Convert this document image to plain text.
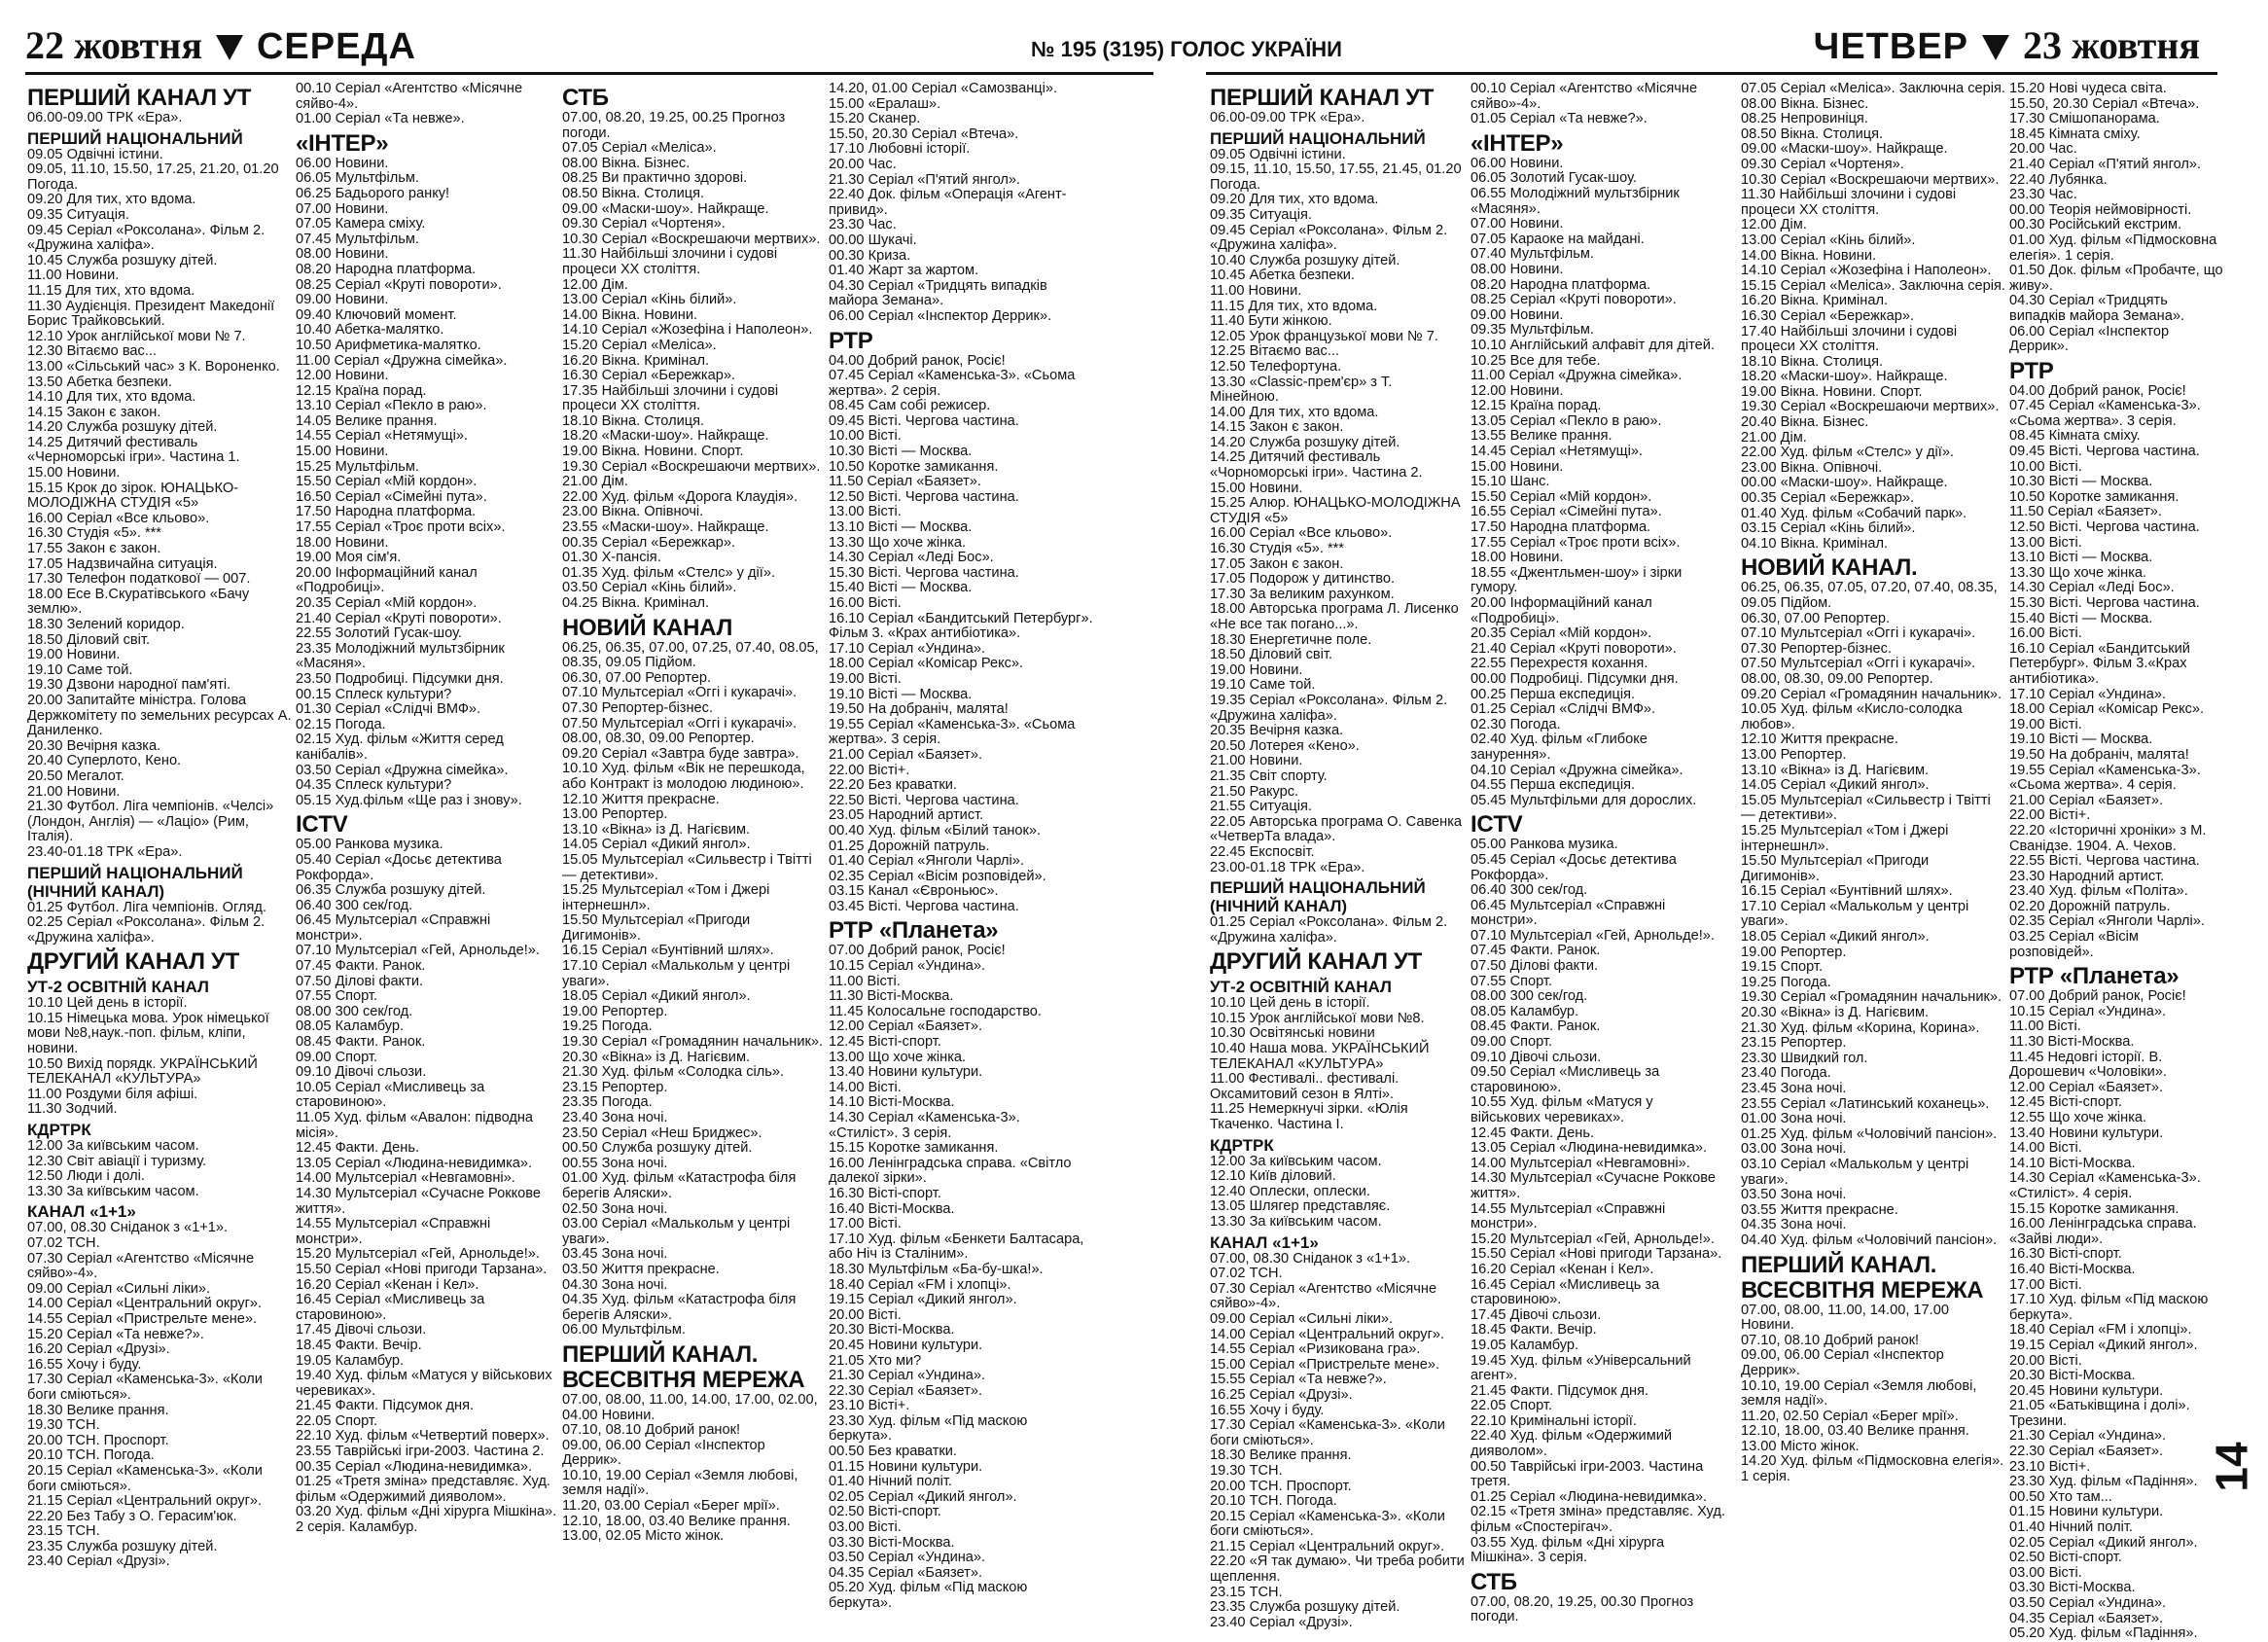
22 жовтня СЕРЕДА	№ 195 (3195) ГОЛОС УКРАЇНИ	ЧЕТВЕР 23 жовтня
ПЕРШИЙ КАНАЛ УТ
06.00-09.00 ТРК «Ера».
ПЕРШИЙ НАЦІОНАЛЬНИЙ
09.05 Одвічні істини.
09.05, 11.10, 15.50, 17.25, 21.20, 01.20 Погода.
09.20 Для тих, хто вдома.
09.35 Ситуація.
09.45 Серіал «Роксолана». Фільм 2. «Дружина халіфа».
10.45 Служба розшуку дітей.
11.00 Новини.
11.15 Для тих, хто вдома.
11.30 Аудієнція. Президент Македонії Борис Трайковський.
12.10 Урок англійської мови № 7.
12.30 Вітаємо вас...
13.00 «Сільський час» з К. Вороненко.
13.50 Абетка безпеки.
14.10 Для тих, хто вдома.
14.15 Закон є закон.
14.20 Служба розшуку дітей.
14.25 Дитячий фестиваль «Черноморські ігри». Частина 1.
15.00 Новини.
15.15 Крок до зірок. ЮНАЦЬКО-МОЛОДІЖНА СТУДІЯ «5»
16.00 Серіал «Все кльово».
16.30 Студія «5». ***
17.55 Закон є закон.
17.05 Надзвичайна ситуація.
17.30 Телефон податкової — 007.
18.00 Есе В.Скуратівського «Бачу землю».
18.30 Зелений коридор.
18.50 Діловий світ.
19.00 Новини.
19.10 Саме той.
19.30 Дзвони народної пам'яті.
20.00 Запитайте міністра. Голова Держкомітету по земельних ресурсах А. Даниленко.
20.30 Вечірня казка.
20.40 Суперлото, Кено.
20.50 Мегалот.
21.00 Новини.
21.30 Футбол. Ліга чемпіонів. «Челсі» (Лондон, Англія) — «Лаціо» (Рим, Італія).
23.40-01.18 ТРК «Ера».
ПЕРШИЙ НАЦІОНАЛЬНИЙ (НІЧНИЙ КАНАЛ)
01.25 Футбол. Ліга чемпіонів. Огляд.
02.25 Серіал «Роксолана». Фільм 2. «Дружина халіфа».
ДРУГИЙ КАНАЛ УТ
УТ-2 ОСВІТНІЙ КАНАЛ
10.10 Цей день в історії.
10.15 Німецька мова. Урок німецької мови №8,наук.-поп. фільм, кліпи, новини.
10.50 Вихід порядк. УКРАЇНСЬКИЙ ТЕЛЕКАНАЛ «КУЛЬТУРА»
11.00 Роздуми біля афіші.
11.30 Зодчий.
КДРТРК
12.00 За київським часом.
12.30 Світ авіації і туризму.
12.50 Люди і долі.
13.30 За київським часом.
КАНАЛ «1+1»
07.00, 08.30 Сніданок з «1+1».
07.02 ТСН.
07.30 Серіал «Агентство «Місячне сяйво»-4».
09.00 Серіал «Сильні ліки».
14.00 Серіал «Центральний округ».
14.55 Серіал «Пристрельте мене».
15.20 Серіал «Та невже?».
16.20 Серіал «Друзі».
16.55 Хочу і буду.
17.30 Серіал «Каменськa-3». «Коли боги сміються».
18.30 Велике прання.
19.30 ТСН.
20.00 ТСН. Проспорт.
20.10 ТСН. Погода.
20.15 Серіал «Каменськa-3». «Коли боги сміються».
21.15 Серіал «Центральний округ».
22.20 Без Табу з О. Герасим'юк.
23.15 ТСН.
23.35 Служба розшуку дітей.
23.40 Серіал «Друзі».
00.10 Серіал «Агентство «Місячне сяйво-4».
01.00 Серіал «Та невже».
«ІНТЕР»
06.00 Новини.
06.05 Мультфільм.
06.25 Бадьорого ранку!
07.00 Новини.
07.05 Камера сміху.
07.45 Мультфільм.
08.00 Новини.
08.20 Народна платформа.
08.25 Серіал «Круті повороти».
09.00 Новини.
09.40 Ключовий момент.
10.40 Абетка-малятко.
10.50 Арифметика-малятко.
11.00 Серіал «Дружна сімейка».
12.00 Новини.
12.15 Країна порад.
13.10 Серіал «Пекло в раю».
14.05 Велике прання.
14.55 Серіал «Нетямущі».
15.00 Новини.
15.25 Мультфільм.
15.50 Серіал «Мій кордон».
16.50 Серіал «Сімейні пута».
17.50 Народна платформа.
17.55 Серіал «Троє проти всіх».
18.00 Новини.
19.00 Моя сім'я.
20.00 Інформаційний канал «Подробиці».
20.35 Серіал «Мій кордон».
21.40 Серіал «Круті повороти».
22.55 Золотий Гусак-шоу.
23.35 Молодіжний мультзбірник «Масяня».
23.50 Подробиці. Підсумки дня.
00.15 Сплеск культури?
01.30 Серіал «Слідчі ВМФ».
02.15 Погода.
02.15 Худ. фільм «Життя серед канібалів».
03.50 Серіал «Дружна сімейка».
04.35 Сплеск культури?
05.15 Худ.фільм «Ще раз і знову».
ICTV
05.00 Ранкова музика.
05.40 Серіал «Досьє детектива Рокфорда».
06.35 Служба розшуку дітей.
06.40 300 сек/год.
06.45 Мультсеріал «Справжні монстри».
07.10 Мультсеріал «Гей, Арнольде!».
07.45 Факти. Ранок.
07.50 Ділові факти.
07.55 Спорт.
08.00 300 сек/год.
08.05 Каламбур.
08.45 Факти. Ранок.
09.00 Спорт.
09.10 Дівочі сльози.
10.05 Серіал «Мисливець за старовиною».
11.05 Худ. фільм «Авалон: підводна місія».
12.45 Факти. День.
13.05 Серіал «Людина-невидимка».
14.00 Мультсеріал «Невгамовні».
14.30 Мультсеріал «Сучасне Роккове життя».
14.55 Мультсеріал «Справжні монстри».
15.20 Мультсеріал «Гей, Арнольде!».
15.50 Серіал «Нові пригоди Тарзана».
16.20 Серіал «Кенан і Кел».
16.45 Серіал «Мисливець за старовиною».
17.45 Дівочі сльози.
18.45 Факти. Вечір.
19.05 Каламбур.
19.40 Худ. фільм «Матуся у військових черевиках».
21.45 Факти. Підсумок дня.
22.05 Спорт.
22.10 Худ. фільм «Четвертий поверх».
23.55 Таврійські ігри-2003. Частина 2.
00.35 Серіал «Людина-невидимка».
01.25 «Третя зміна» представляє. Худ. фільм «Одержимий дияволом».
03.20 Худ. фільм «Дні хірурга Мішкіна». 2 серія. Каламбур.
СТБ
07.00, 08.20, 19.25, 00.25 Прогноз погоди.
07.05 Серіал «Меліса».
08.00 Вікна. Бізнес.
08.25 Ви практично здорові.
08.50 Вікна. Столиця.
09.00 «Маски-шоу». Найкраще.
09.30 Серіал «Чортеня».
10.30 Серіал «Воскрешаючи мертвих».
11.30 Найбільші злочини і судові процеси ХХ століття.
12.00 Дім.
13.00 Серіал «Кінь білий».
14.00 Вікна. Новини.
14.10 Серіал «Жозефіна і Наполеон».
15.20 Серіал «Меліса».
16.20 Вікна. Кримінал.
16.30 Серіал «Бережкар».
17.35 Найбільші злочини і судові процеси ХХ століття.
18.10 Вікна. Столиця.
18.20 «Маски-шоу». Найкраще.
19.00 Вікна. Новини. Спорт.
19.30 Серіал «Воскрешаючи мертвих».
21.00 Дім.
22.00 Худ. фільм «Дорога Клаудія».
23.00 Вікна. Опівночі.
23.55 «Маски-шоу». Найкраще.
00.35 Серіал «Бережкар».
01.30 Х-пансія.
01.35 Худ. фільм «Стелс» у дії».
03.50 Серіал «Кінь білий».
04.25 Вікна. Кримінал.
НОВИЙ КАНАЛ
06.25, 06.35, 07.00, 07.25, 07.40, 08.05, 08.35, 09.05 Підйом.
06.30, 07.00 Репортер.
07.10 Мультсеріал «Оггі і кукарачі».
07.30 Репортер-бізнес.
07.50 Мультсеріал «Оггі і кукарачі».
08.00, 08.30, 09.00 Репортер.
09.20 Серіал «Завтра буде завтра».
10.10 Худ. фільм «Вік не перешкода, або Контракт із молодою людиною».
12.10 Життя прекрасне.
13.00 Репортер.
13.10 «Вікна» із Д. Нагієвим.
14.05 Серіал «Дикий янгол».
15.05 Мультсеріал «Сильвестр і Твітті — детективи».
15.25 Мультсеріал «Том і Джері інтернешнл».
15.50 Мультсеріал «Пригоди Дигимонів».
16.15 Серіал «Бунтівний шлях».
17.10 Серіал «Малькольм у центрі уваги».
18.05 Серіал «Дикий янгол».
19.00 Репортер.
19.25 Погода.
19.30 Серіал «Громадянин начальник».
20.30 «Вікна» із Д. Нагієвим.
21.30 Худ. фільм «Солодка сіль».
23.15 Репортер.
23.35 Погода.
23.40 Зона ночі.
23.50 Серіал «Неш Бриджес».
00.50 Служба розшуку дітей.
00.55 Зона ночі.
01.00 Худ. фільм «Катастрофа біля берегів Аляски».
02.50 Зона ночі.
03.00 Серіал «Малькольм у центрі уваги».
03.45 Зона ночі.
03.50 Життя прекрасне.
04.30 Зона ночі.
04.35 Худ. фільм «Катастрофа біля берегів Аляски».
06.00 Мультфільм.
ПЕРШИЙ КАНАЛ. ВСЕСВІТНЯ МЕРЕЖА
07.00, 08.00, 11.00, 14.00, 17.00, 02.00, 04.00 Новини.
07.10, 08.10 Добрий ранок!
09.00, 06.00 Серіал «Інспектор Деррик».
10.10, 19.00 Серіал «Земля любові, земля надії».
11.20, 03.00 Серіал «Берег мрії».
12.10, 18.00, 03.40 Велике прання.
13.00, 02.05 Місто жінок.
14.20, 01.00 Серіал «Самозванці».
15.00 «Ералаш».
15.20 Сканер.
15.50, 20.30 Серіал «Втеча».
17.10 Любовні історії.
20.00 Час.
21.30 Серіал «П'ятий янгол».
22.40 Док. фільм «Операція «Агент-привид».
23.30 Час.
00.00 Шукачі.
00.30 Криза.
01.40 Жарт за жартом.
04.30 Серіал «Тридцять випадків майора Земана».
06.00 Серіал «Інспектор Деррик».
РТР
04.00 Добрий ранок, Росіє!
07.45 Серіал «Каменськa-3». «Сьома жертва». 2 серія.
08.45 Сам собі режисер.
09.45 Вісті. Чергова частина.
10.00 Вісті.
10.30 Вісті — Москва.
10.50 Коротке замикання.
11.50 Серіал «Баязет».
12.50 Вісті. Чергова частина.
13.00 Вісті.
13.10 Вісті — Москва.
13.30 Що хоче жінка.
14.30 Серіал «Леді Бос».
15.30 Вісті. Чергова частина.
15.40 Вісті — Москва.
16.00 Вісті.
16.10 Серіал «Бандитський Петербург». Фільм 3. «Крах антибіотика».
17.10 Серіал «Ундина».
18.00 Серіал «Комісар Рекс».
19.00 Вісті.
19.10 Вісті — Москва.
19.50 На добраніч, малята!
19.55 Серіал «Каменськa-3». «Сьома жертва». 3 серія.
21.00 Серіал «Баязет».
22.00 Вісті+.
22.20 Без краватки.
22.50 Вісті. Чергова частина.
23.05 Народний артист.
00.40 Худ. фільм «Білий танок».
01.25 Дорожній патруль.
01.40 Серіал «Янголи Чарлі».
02.35 Серіал «Вісім розповідей».
03.15 Канал «Євроньюс».
03.45 Вісті. Чергова частина.
РТР «Планета»
07.00 Добрий ранок, Росіє!
10.15 Серіал «Ундина».
11.00 Вісті.
11.30 Вісті-Москва.
11.45 Колосальне господарство.
12.00 Серіал «Баязет».
12.45 Вісті-спорт.
13.00 Що хоче жінка.
13.40 Новини культури.
14.00 Вісті.
14.10 Вісті-Москва.
14.30 Серіал «Каменськa-3». «Стиліст». 3 серія.
15.15 Коротке замикання.
16.00 Ленінградська справа. «Світло далекої зірки».
16.30 Вісті-спорт.
16.40 Вісті-Москва.
17.00 Вісті.
17.10 Худ. фільм «Бенкети Балтасара, або Ніч із Сталіним».
18.30 Мультфільм «Ба-бу-шка!».
18.40 Серіал «FM і хлопці».
19.15 Серіал «Дикий янгол».
20.00 Вісті.
20.30 Вісті-Москва.
20.45 Новини культури.
21.05 Хто ми?
21.30 Серіал «Ундина».
22.30 Серіал «Баязет».
23.10 Вісті+.
23.30 Худ. фільм «Під маскою беркута».
00.50 Без краватки.
01.15 Новини культури.
01.40 Нічний політ.
02.05 Серіал «Дикий янгол».
02.50 Вісті-спорт.
03.00 Вісті.
03.30 Вісті-Москва.
03.50 Серіал «Ундина».
04.35 Серіал «Баязет».
05.20 Худ. фільм «Під маскою беркута».
ПЕРШИЙ КАНАЛ УТ
06.00-09.00 ТРК «Ера».
ПЕРШИЙ НАЦІОНАЛЬНИЙ
09.05 Одвічні істини.
09.15, 11.10, 15.50, 17.55, 21.45, 01.20 Погода.
09.20 Для тих, хто вдома.
09.35 Ситуація.
09.45 Серіал «Роксолана». Фільм 2. «Дружина халіфа».
10.40 Служба розшуку дітей.
10.45 Абетка безпеки.
11.00 Новини.
11.15 Для тих, хто вдома.
11.40 Бути жінкою.
12.05 Урок французької мови № 7.
12.25 Вітаємо вас...
12.50 Телефортуна.
13.30 «Classic-прем'єр» з Т. Мінейною.
14.00 Для тих, хто вдома.
14.15 Закон є закон.
14.20 Служба розшуку дітей.
14.25 Дитячий фестиваль «Чорноморські ігри». Частина 2.
15.00 Новини.
15.25 Алюр. ЮНАЦЬКО-МОЛОДІЖНА СТУДІЯ «5»
16.00 Серіал «Все кльово».
16.30 Студія «5». ***
17.05 Закон є закон.
17.05 Подорож у дитинство.
17.30 За великим рахунком.
18.00 Авторська програма Л. Лисенко «Не все так погано...».
18.30 Енергетичне поле.
18.50 Діловий світ.
19.00 Новини.
19.10 Саме той.
19.35 Серіал «Роксолана». Фільм 2. «Дружина халіфа».
20.35 Вечірня казка.
20.50 Лотерея «Кено».
21.00 Новини.
21.35 Світ спорту.
21.50 Ракурс.
21.55 Ситуація.
22.05 Авторська програма О. Савенка «ЧетверТа влада».
22.45 Експосвіт.
23.00-01.18 ТРК «Ера».
ПЕРШИЙ НАЦІОНАЛЬНИЙ (НІЧНИЙ КАНАЛ)
01.25 Серіал «Роксолана». Фільм 2. «Дружина халіфа».
ДРУГИЙ КАНАЛ УТ
УТ-2 ОСВІТНІЙ КАНАЛ
10.10 Цей день в історії.
10.15 Урок англійської мови №8.
10.30 Освітянські новини
10.40 Наша мова. УКРАЇНСЬКИЙ ТЕЛЕКАНАЛ «КУЛЬТУРА»
11.00 Фестивалі.. фестивалі. Оксамитовий сезон в Ялті».
11.25 Немеркнучі зірки. «Юлія Ткаченко. Частина І.
КДРТРК
12.00 За київським часом.
12.10 Київ діловий.
12.40 Оплески, оплески.
13.05 Шлягер представляє.
13.30 За київським часом.
КАНАЛ «1+1»
07.00, 08.30 Сніданок з «1+1».
07.02 ТСН.
07.30 Серіал «Агентство «Місячне сяйво»-4».
09.00 Серіал «Сильні ліки».
14.00 Серіал «Центральний округ».
14.55 Серіал «Ризикована гра».
15.00 Серіал «Пристрельте мене».
15.55 Серіал «Та невже?».
16.25 Серіал «Друзі».
16.55 Хочу і буду.
17.30 Серіал «Каменськa-3». «Коли боги сміються».
18.30 Велике прання.
19.30 ТСН.
20.00 ТСН. Проспорт.
20.10 ТСН. Погода.
20.15 Серіал «Каменськa-3». «Коли боги сміються».
21.15 Серіал «Центральний округ».
22.20 «Я так думаю». Чи треба робити щеплення.
23.15 ТСН.
23.35 Служба розшуку дітей.
23.40 Серіал «Друзі».
00.10 Серіал «Агентство «Місячне сяйво»-4».
01.05 Серіал «Та невже?».
«ІНТЕР»
06.00 Новини.
06.05 Золотий Гусак-шоу.
06.55 Молодіжний мультзбірник «Масяня».
07.00 Новини.
07.05 Караоке на майдані.
07.40 Мультфільм.
08.00 Новини.
08.20 Народна платформа.
08.25 Серіал «Круті повороти».
09.00 Новини.
09.35 Мультфільм.
10.10 Англійський алфавіт для дітей.
10.25 Все для тебе.
11.00 Серіал «Дружна сімейка».
12.00 Новини.
12.15 Країна порад.
13.05 Серіал «Пекло в раю».
13.55 Велике прання.
14.45 Серіал «Нетямущі».
15.00 Новини.
15.10 Шанс.
15.50 Серіал «Мій кордон».
16.55 Серіал «Сімейні пута».
17.50 Народна платформа.
17.55 Серіал «Троє проти всіх».
18.00 Новини.
18.55 «Джентльмен-шоу» і зірки гумору.
20.00 Інформаційний канал «Подробиці».
20.35 Серіал «Мій кордон».
21.40 Серіал «Круті повороти».
22.55 Перехрестя кохання.
00.00 Подробиці. Підсумки дня.
00.25 Перша експедиція.
01.25 Серіал «Слідчі ВМФ».
02.30 Погода.
02.40 Худ. фільм «Глибоке занурення».
04.10 Серіал «Дружна сімейка».
04.55 Перша експедиція.
05.45 Мультфільми для дорослих.
ICTV
05.00 Ранкова музика.
05.45 Серіал «Досьє детектива Рокфорда».
06.40 300 сек/год.
06.45 Мультсеріал «Справжні монстри».
07.10 Мультсеріал «Гей, Арнольде!».
07.45 Факти. Ранок.
07.50 Ділові факти.
07.55 Спорт.
08.00 300 сек/год.
08.05 Каламбур.
08.45 Факти. Ранок.
09.00 Спорт.
09.10 Дівочі сльози.
09.50 Серіал «Мисливець за старовиною».
10.55 Худ. фільм «Матуся у військових черевиках».
12.45 Факти. День.
13.05 Серіал «Людина-невидимка».
14.00 Мультсеріал «Невгамовні».
14.30 Мультсеріал «Сучасне Роккове життя».
14.55 Мультсеріал «Справжні монстри».
15.20 Мультсеріал «Гей, Арнольде!».
15.50 Серіал «Нові пригоди Тарзана».
16.20 Серіал «Кенан і Кел».
16.45 Серіал «Мисливець за старовиною».
17.45 Дівочі сльози.
18.45 Факти. Вечір.
19.05 Каламбур.
19.45 Худ. фільм «Універсальний агент».
21.45 Факти. Підсумок дня.
22.05 Спорт.
22.10 Кримінальні історії.
22.40 Худ. фільм «Одержимий дияволом».
00.50 Таврійські ігри-2003. Частина третя.
01.25 Серіал «Людина-невидимка».
02.15 «Третя зміна» представляє. Худ. фільм «Спостерігач».
03.55 Худ. фільм «Дні хірурга Мішкіна». 3 серія.
СТБ
07.00, 08.20, 19.25, 00.30 Прогноз погоди.
07.05 Серіал «Меліса». Заключна серія.
08.00 Вікна. Бізнес.
08.25 Непровиніця.
08.50 Вікна. Столиця.
09.00 «Маски-шоу». Найкраще.
09.30 Серіал «Чортеня».
10.30 Серіал «Воскрешаючи мертвих».
11.30 Найбільші злочини і судові процеси ХХ століття.
12.00 Дім.
13.00 Серіал «Кінь білий».
14.00 Вікна. Новини.
14.10 Серіал «Жозефіна і Наполеон».
15.15 Серіал «Меліса». Заключна серія.
16.20 Вікна. Кримінал.
16.30 Серіал «Бережкар».
17.40 Найбільші злочини і судові процеси ХХ століття.
18.10 Вікна. Столиця.
18.20 «Маски-шоу». Найкраще.
19.00 Вікна. Новини. Спорт.
19.30 Серіал «Воскрешаючи мертвих».
20.40 Вікна. Бізнес.
21.00 Дім.
22.00 Худ. фільм «Стелс» у дії».
23.00 Вікна. Опівночі.
00.00 «Маски-шоу». Найкраще.
00.35 Серіал «Бережкар».
01.40 Худ. фільм «Собачий парк».
03.15 Серіал «Кінь білий».
04.10 Вікна. Кримінал.
НОВИЙ КАНАЛ.
06.25, 06.35, 07.05, 07.20, 07.40, 08.35, 09.05 Підйом.
06.30, 07.00 Репортер.
07.10 Мультсеріал «Оггі і кукарачі».
07.30 Репортер-бізнес.
07.50 Мультсеріал «Оггі і кукарачі».
08.00, 08.30, 09.00 Репортер.
09.20 Серіал «Громадянин начальник».
10.05 Худ. фільм «Кисло-солодка любов».
12.10 Життя прекрасне.
13.00 Репортер.
13.10 «Вікна» із Д. Нагієвим.
14.05 Серіал «Дикий янгол».
15.05 Мультсеріал «Сильвестр і Твітті — детективи».
15.25 Мультсеріал «Том і Джері інтернешнл».
15.50 Мультсеріал «Пригоди Дигимонів».
16.15 Серіал «Бунтівний шлях».
17.10 Серіал «Малькольм у центрі уваги».
18.05 Серіал «Дикий янгол».
19.00 Репортер.
19.15 Спорт.
19.25 Погода.
19.30 Серіал «Громадянин начальник».
20.30 «Вікна» із Д. Нагієвим.
21.30 Худ. фільм «Корина, Корина».
23.15 Репортер.
23.30 Швидкий гол.
23.40 Погода.
23.45 Зона ночі.
23.55 Серіал «Латинський коханець».
01.00 Зона ночі.
01.25 Худ. фільм «Чоловічий пансіон».
03.00 Зона ночі.
03.10 Серіал «Малькольм у центрі уваги».
03.50 Зона ночі.
03.55 Життя прекрасне.
04.35 Зона ночі.
04.40 Худ. фільм «Чоловічий пансіон».
ПЕРШИЙ КАНАЛ. ВСЕСВІТНЯ МЕРЕЖА
07.00, 08.00, 11.00, 14.00, 17.00 Новини.
07.10, 08.10 Добрий ранок!
09.00, 06.00 Серіал «Інспектор Деррик».
10.10, 19.00 Серіал «Земля любові, земля надії».
11.20, 02.50 Серіал «Берег мрії».
12.10, 18.00, 03.40 Велике прання.
13.00 Місто жінок.
14.20 Худ. фільм «Підмосковна елегія». 1 серія.
15.20 Нові чудеса світа.
15.50, 20.30 Серіал «Втеча».
17.30 Смішопанорама.
18.45 Кімната сміху.
20.00 Час.
21.40 Серіал «П'ятий янгол».
22.40 Лубянка.
23.30 Час.
00.00 Теорія неймовірності.
00.30 Російський екстрим.
01.00 Худ. фільм «Підмосковна елегія». 1 серія.
01.50 Док. фільм «Пробачте, що живу».
04.30 Серіал «Тридцять випадків майора Земана».
06.00 Серіал «Інспектор Деррик».
РТР
04.00 Добрий ранок, Росіє!
07.45 Серіал «Каменськa-3». «Сьома жертва». 3 серія.
08.45 Кімната сміху.
09.45 Вісті. Чергова частина.
10.00 Вісті.
10.30 Вісті — Москва.
10.50 Коротке замикання.
11.50 Серіал «Баязет».
12.50 Вісті. Чергова частина.
13.00 Вісті.
13.10 Вісті — Москва.
13.30 Що хоче жінка.
14.30 Серіал «Леді Бос».
15.30 Вісті. Чергова частина.
15.40 Вісті — Москва.
16.00 Вісті.
16.10 Серіал «Бандитський Петербург». Фільм 3.«Крах антибіотика».
17.10 Серіал «Ундина».
18.00 Серіал «Комісар Рекс».
19.00 Вісті.
19.10 Вісті — Москва.
19.50 На добраніч, малята!
19.55 Серіал «Каменськa-3». «Сьома жертва». 4 серія.
21.00 Серіал «Баязет».
22.00 Вісті+.
22.20 «Історичні хроніки» з М. Сванідзе. 1904. А. Чехов.
22.55 Вісті. Чергова частина.
23.30 Народний артист.
23.40 Худ. фільм «Політа».
02.20 Дорожній патруль.
02.35 Серіал «Янголи Чарлі».
03.25 Серіал «Вісім розповідей».
РТР «Планета»
07.00 Добрий ранок, Росіє!
10.15 Серіал «Ундина».
11.00 Вісті.
11.30 Вісті-Москва.
11.45 Недовгі історії. В. Дорошевич «Чоловіки».
12.00 Серіал «Баязет».
12.45 Вісті-спорт.
12.55 Що хоче жінка.
13.40 Новини культури.
14.00 Вісті.
14.10 Вісті-Москва.
14.30 Серіал «Каменськa-3». «Стиліст». 4 серія.
15.15 Коротке замикання.
16.00 Ленінградська справа. «Зайві люди».
16.30 Вісті-спорт.
16.40 Вісті-Москва.
17.00 Вісті.
17.10 Худ. фільм «Під маскою беркута».
18.40 Серіал «FM і хлопці».
19.15 Серіал «Дикий янгол».
20.00 Вісті.
20.30 Вісті-Москва.
20.45 Новини культури.
21.05 «Батьківщина і долі». Трезини.
21.30 Серіал «Ундина».
22.30 Серіал «Баязет».
23.10 Вісті+.
23.30 Худ. фільм «Падіння».
00.50 Хто там...
01.15 Новини культури.
01.40 Нічний політ.
02.05 Серіал «Дикий янгол».
02.50 Вісті-спорт.
03.00 Вісті.
03.30 Вісті-Москва.
03.50 Серіал «Ундина».
04.35 Серіал «Баязет».
05.20 Худ. фільм «Падіння».
14
